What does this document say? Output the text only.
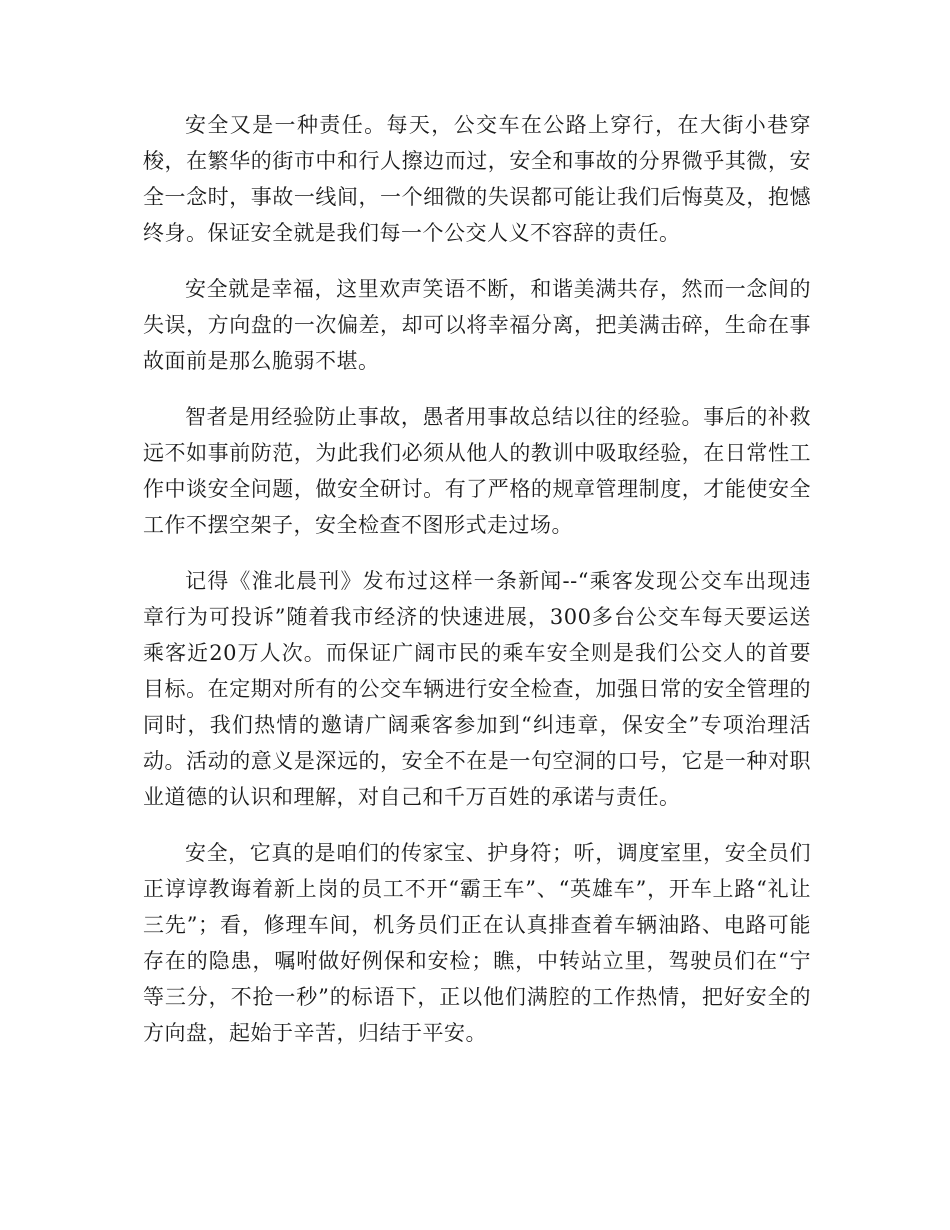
安全又是一种责任。每天，公交车在公路上穿行，在大街小巷穿梭，在繁华的街市中和行人擦边而过，安全和事故的分界微乎其微，安全一念时，事故一线间，一个细微的失误都可能让我们后悔莫及，抱憾终身。保证安全就是我们每一个公交人义不容辞的责任。

安全就是幸福，这里欢声笑语不断，和谐美满共存，然而一念间的失误，方向盘的一次偏差，却可以将幸福分离，把美满击碎，生命在事故面前是那么脆弱不堪。

智者是用经验防止事故，愚者用事故总结以往的经验。事后的补救远不如事前防范，为此我们必须从他人的教训中吸取经验，在日常性工作中谈安全问题，做安全研讨。有了严格的规章管理制度，才能使安全工作不摆空架子，安全检查不图形式走过场。

记得《淮北晨刊》发布过这样一条新闻--“乘客发现公交车出现违章行为可投诉”随着我市经济的快速进展，300多台公交车每天要运送乘客近20万人次。而保证广阔市民的乘车安全则是我们公交人的首要目标。在定期对所有的公交车辆进行安全检查，加强日常的安全管理的同时，我们热情的邀请广阔乘客参加到“纠违章，保安全”专项治理活动。活动的意义是深远的，安全不在是一句空洞的口号，它是一种对职业道德的认识和理解，对自己和千万百姓的承诺与责任。

安全，它真的是咱们的传家宝、护身符；听，调度室里，安全员们正谆谆教诲着新上岗的员工不开“霸王车”、“英雄车”，开车上路“礼让三先”；看，修理车间，机务员们正在认真排查着车辆油路、电路可能存在的隐患，嘱咐做好例保和安检；瞧，中转站立里，驾驶员们在“宁等三分，不抢一秒”的标语下，正以他们满腔的工作热情，把好安全的方向盘，起始于辛苦，归结于平安。
